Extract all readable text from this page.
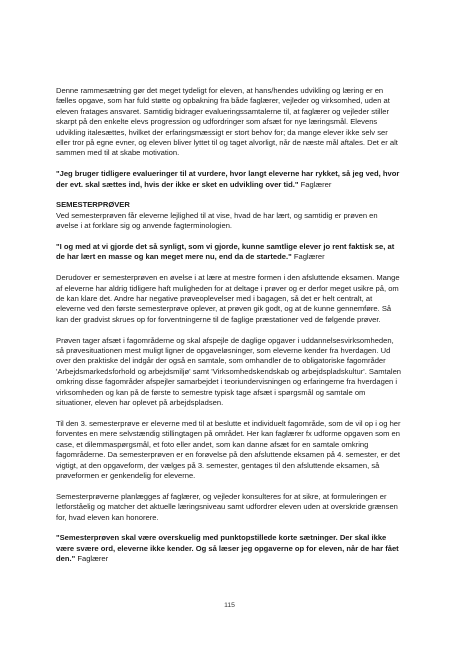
Denne rammesætning gør det meget tydeligt for eleven, at hans/hendes udvikling og læring er en fælles opgave, som har fuld støtte og opbakning fra både faglærer, vejleder og virksomhed, uden at eleven fratages ansvaret. Samtidig bidrager evalueringssamtalerne til, at faglærer og vejleder stiller skarpt på den enkelte elevs progression og udfordringer som afsæt for nye læringsmål. Elevens udvikling italesættes, hvilket der erfaringsmæssigt er stort behov for; da mange elever ikke selv ser eller tror på egne evner, og eleven bliver lyttet til og taget alvorligt, når de næste mål aftales. Det er alt sammen med til at skabe motivation.

"Jeg bruger tidligere evalueringer til at vurdere, hvor langt eleverne har rykket, så jeg ved, hvor der evt. skal sættes ind, hvis der ikke er sket en udvikling over tid." Faglærer

SEMESTERPRØVER

Ved semesterprøven får eleverne lejlighed til at vise, hvad de har lært, og samtidig er prøven en øvelse i at forklare sig og anvende fagterminologien.

"I og med at vi gjorde det så synligt, som vi gjorde, kunne samtlige elever jo rent faktisk se, at de har lært en masse og kan meget mere nu, end da de startede." Faglærer

Derudover er semesterprøven en øvelse i at lære at mestre formen i den afsluttende eksamen. Mange af eleverne har aldrig tidligere haft muligheden for at deltage i prøver og er derfor meget usikre på, om de kan klare det. Andre har negative prøveoplevelser med i bagagen, så det er helt centralt, at eleverne ved den første semesterprøve oplever, at prøven gik godt, og at de kunne gennemføre. Så kan der gradvist skrues op for forventningerne til de faglige præstationer ved de følgende prøver.

Prøven tager afsæt i fagområderne og skal afspejle de daglige opgaver i uddannelsesvirksomheden, så prøvesituationen mest muligt ligner de opgaveløsninger, som eleverne kender fra hverdagen. Ud over den praktiske del indgår der også en samtale, som omhandler de to obligatoriske fagområder 'Arbejdsmarkedsforhold og arbejdsmiljø' samt 'Virksomhedskendskab og arbejdspladskultur'. Samtalen omkring disse fagområder afspejler samarbejdet i teoriundervisningen og erfaringerne fra hverdagen i virksomheden og kan på de første to semestre typisk tage afsæt i spørgsmål og samtale om situationer, eleven har oplevet på arbejdspladsen.

Til den 3. semesterprøve er eleverne med til at beslutte et individuelt fagområde, som de vil op i og her forventes en mere selvstændig stillingtagen på området. Her kan faglærer fx udforme opgaven som en case, et dilemmaspørgsmål, et foto eller andet, som kan danne afsæt for en samtale omkring fagområderne. Da semesterprøven er en forøvelse på den afsluttende eksamen på 4. semester, er det vigtigt, at den opgaveform, der vælges på 3. semester, gentages til den afsluttende eksamen, så prøveformen er genkendelig for eleverne.

Semesterprøverne planlægges af faglærer, og vejleder konsulteres for at sikre, at formuleringen er letforståelig og matcher det aktuelle læringsniveau samt udfordrer eleven uden at overskride grænsen for, hvad eleven kan honorere.

"Semesterprøven skal være overskuelig med punktopstillede korte sætninger. Der skal ikke være svære ord, eleverne ikke kender. Og så læser jeg opgaverne op for eleven, når de har fået den." Faglærer

115
